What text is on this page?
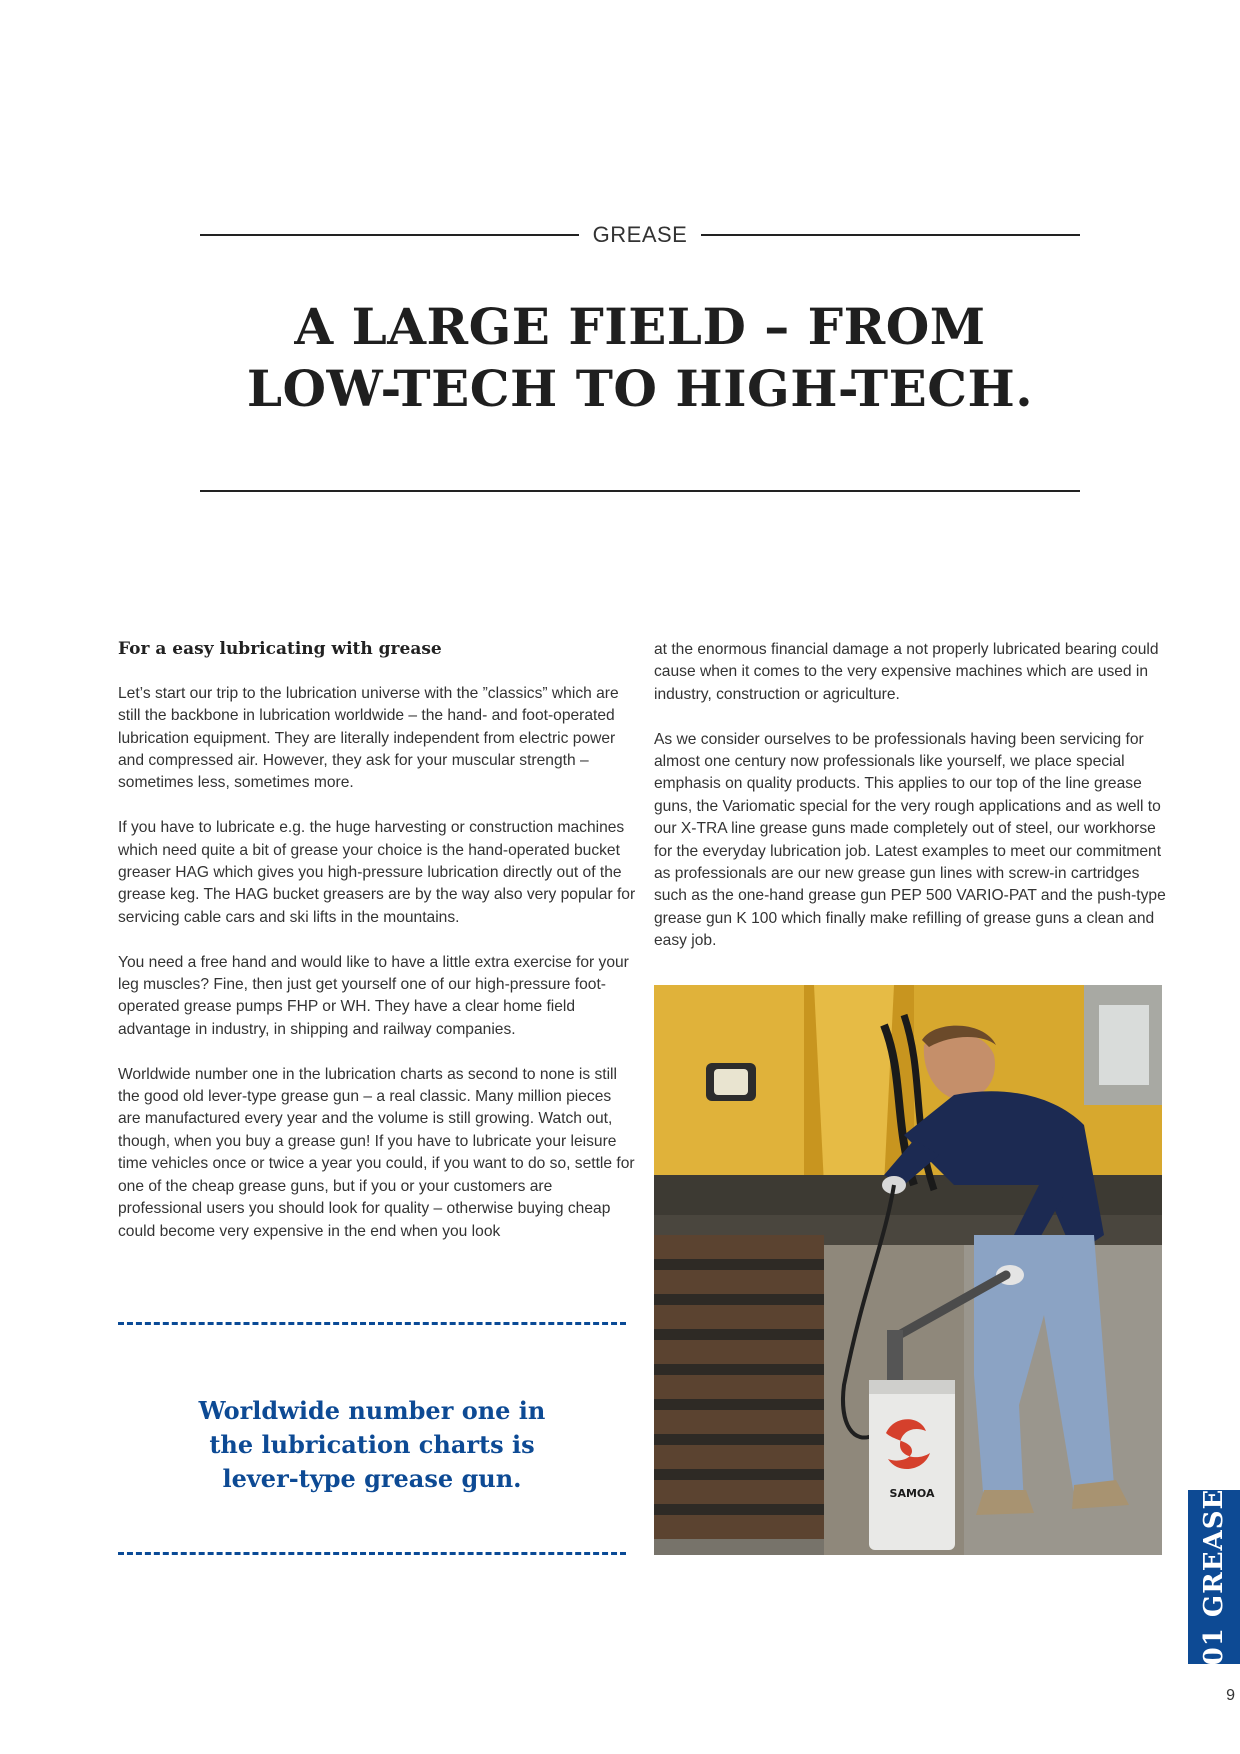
GREASE
A LARGE FIELD – FROM
LOW-TECH TO HIGH-TECH.

For a easy lubricating with grease

Let’s start our trip to the lubrication universe with the ”classics” which are still the backbone in lubrication worldwide – the hand- and foot-operated lubrication equipment. They are literally independent from electric power and compressed air. However, they ask for your muscular strength – sometimes less, sometimes more.

If you have to lubricate e.g. the huge harvesting or construction machines which need quite a bit of grease your choice is the hand-operated bucket greaser HAG which gives you high-pressure lubrication directly out of the grease keg. The HAG bucket greasers are by the way also very popular for servicing cable cars and ski lifts in the mountains.

You need a free hand and would like to have a little extra exercise for your leg muscles? Fine, then just get yourself one of our high-pressure foot-operated grease pumps FHP or WH. They have a clear home field advantage in industry, in shipping and railway companies.

Worldwide number one in the lubrication charts as second to none is still the good old lever-type grease gun – a real classic. Many million pieces are manufactured every year and the volume is still growing. Watch out, though, when you buy a grease gun! If you have to lubricate your leisure time vehicles once or twice a year you could, if you want to do so, settle for one of the cheap grease guns, but if you or your customers are professional users you should look for quality – otherwise buying cheap could become very expensive in the end when you look

at the enormous financial damage a not properly lubricated bearing could cause when it comes to the very expensive machines which are used in industry, construction or agriculture.

As we consider ourselves to be professionals having been servicing for almost one century now professionals like yourself, we place special emphasis on quality products. This applies to our top of the line grease guns, the Variomatic special for the very rough applications and as well to our X-TRA line grease guns made completely out of steel, our workhorse for the everyday lubrication job. Latest examples to meet our commitment as professionals are our new grease gun lines with screw-in cartridges such as the one-hand grease gun PEP 500 VARIO-PAT and the push-type grease gun K 100 which finally make refilling of grease guns a clean and easy job.

Worldwide number one in
the lubrication charts is
lever-type grease gun.
SAMOA	01 GREASE
9
